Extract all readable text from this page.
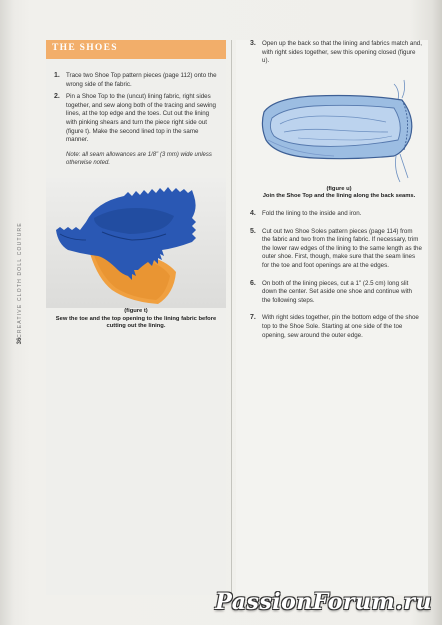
CREATIVE CLOTH DOLL COUTURE
36
THE SHOES
1. Trace two Shoe Top pattern pieces (page 112) onto the wrong side of the fabric.
2. Pin a Shoe Top to the (uncut) lining fabric, right sides together, and sew along both of the tracing and sewing lines, at the top edge and the toes. Cut out the lining with pinking shears and turn the piece right side out (figure t). Make the second lined top in the same manner.
Note: all seam allowances are 1/8" (3 mm) wide unless otherwise noted.
(figure t)
Sew the toe and the top opening to the lining fabric before cutting out the lining.
3. Open up the back so that the lining and fabrics match and, with right sides together, sew this opening closed (figure u).
(figure u)
Join the Shoe Top and the lining along the back seams.
4. Fold the lining to the inside and iron.
5. Cut out two Shoe Soles pattern pieces (page 114) from the fabric and two from the lining fabric. If necessary, trim the lower raw edges of the lining to the same length as the outer shoe. First, though, make sure that the seam lines for the toe and foot openings are at the edges.
6. On both of the lining pieces, cut a 1" (2.5 cm) long slit down the center. Set aside one shoe and continue with the following steps.
7. With right sides together, pin the bottom edge of the shoe top to the Shoe Sole. Starting at one side of the toe opening, sew around the outer edge.
PassionForum.ru
